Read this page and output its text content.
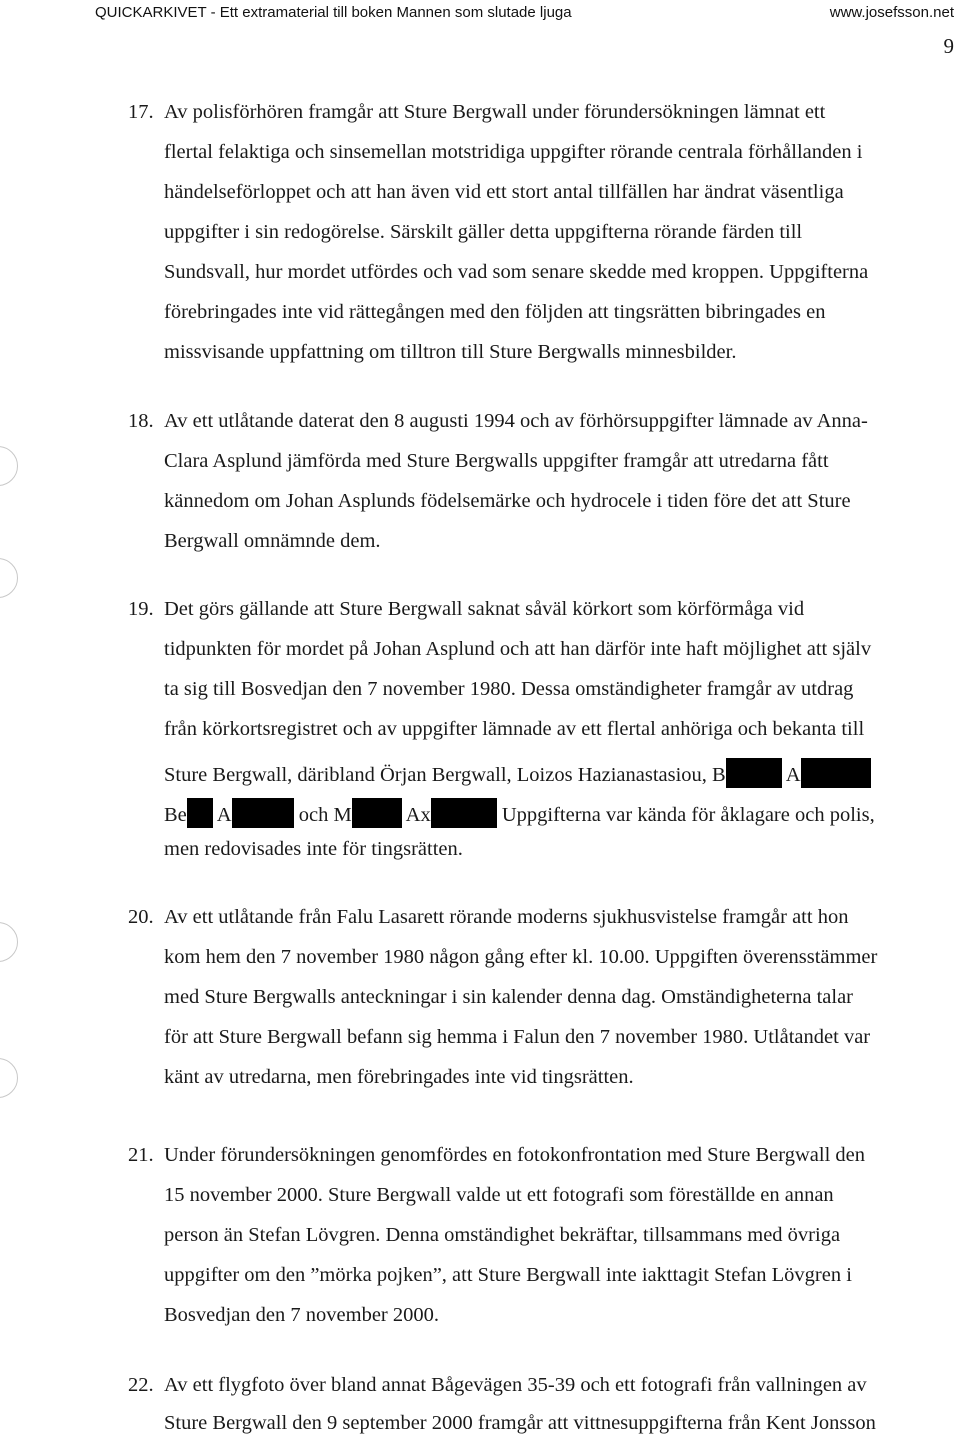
QUICKARKIVET - Ett extramaterial till boken Mannen som slutade ljuga	www.josefsson.net
9
17. Av polisförhören framgår att Sture Bergwall under förundersökningen lämnat ett
flertal felaktiga och sinsemellan motstridiga uppgifter rörande centrala förhållanden i
händelseförloppet och att han även vid ett stort antal tillfällen har ändrat väsentliga
uppgifter i sin redogörelse. Särskilt gäller detta uppgifterna rörande färden till
Sundsvall, hur mordet utfördes och vad som senare skedde med kroppen. Uppgifterna
förebringades inte vid rättegången med den följden att tingsrätten bibringades en
missvisande uppfattning om tilltron till Sture Bergwalls minnesbilder.
18. Av ett utlåtande daterat den 8 augusti 1994 och av förhörsuppgifter lämnade av Anna-
Clara Asplund jämförda med Sture Bergwalls uppgifter framgår att utredarna fått
kännedom om Johan Asplunds födelsemärke och hydrocele i tiden före det att Sture
Bergwall omnämnde dem.
19. Det görs gällande att Sture Bergwall saknat såväl körkort som körförmåga vid
tidpunkten för mordet på Johan Asplund och att han därför inte haft möjlighet att själv
ta sig till Bosvedjan den 7 november 1980. Dessa omständigheter framgår av utdrag
från körkortsregistret och av uppgifter lämnade av ett flertal anhöriga och bekanta till
Sture Bergwall, däribland Örjan Bergwall, Loizos Hazianastasiou, B	A
Be A	och M	Ax	Uppgifterna var kända för åklagare och polis,
men redovisades inte för tingsrätten.
20. Av ett utlåtande från Falu Lasarett rörande moderns sjukhusvistelse framgår att hon
kom hem den 7 november 1980 någon gång efter kl. 10.00. Uppgiften överensstämmer
med Sture Bergwalls anteckningar i sin kalender denna dag. Omständigheterna talar
för att Sture Bergwall befann sig hemma i Falun den 7 november 1980. Utlåtandet var
känt av utredarna, men förebringades inte vid tingsrätten.
21. Under förundersökningen genomfördes en fotokonfrontation med Sture Bergwall den
15 november 2000. Sture Bergwall valde ut ett fotografi som föreställde en annan
person än Stefan Lövgren. Denna omständighet bekräftar, tillsammans med övriga
uppgifter om den ”mörka pojken”, att Sture Bergwall inte iakttagit Stefan Lövgren i
Bosvedjan den 7 november 2000.
22. Av ett flygfoto över bland annat Bågevägen 35-39 och ett fotografi från vallningen av
Sture Bergwall den 9 september 2000 framgår att vittnesuppgifterna från Kent Jonsson
